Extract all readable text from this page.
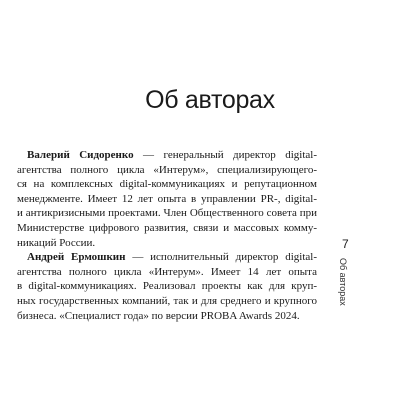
Об авторах

Валерий Сидоренко — генеральный директор digital-
агентства полного цикла «Интерум», специализирующего-
ся на комплексных digital-коммуникациях и репутационном
менеджменте. Имеет 12 лет опыта в управлении PR-, digital-
и антикризисными проектами. Член Общественного совета при
Министерстве цифрового развития, связи и массовых комму-
никаций России.

Андрей Ермошкин — исполнительный директор digital-
агентства полного цикла «Интерум». Имеет 14 лет опыта
в digital-коммуникациях. Реализовал проекты как для круп-
ных государственных компаний, так и для среднего и крупного
бизнеса. «Специалист года» по версии PROBA Awards 2024.

7
Об авторах
